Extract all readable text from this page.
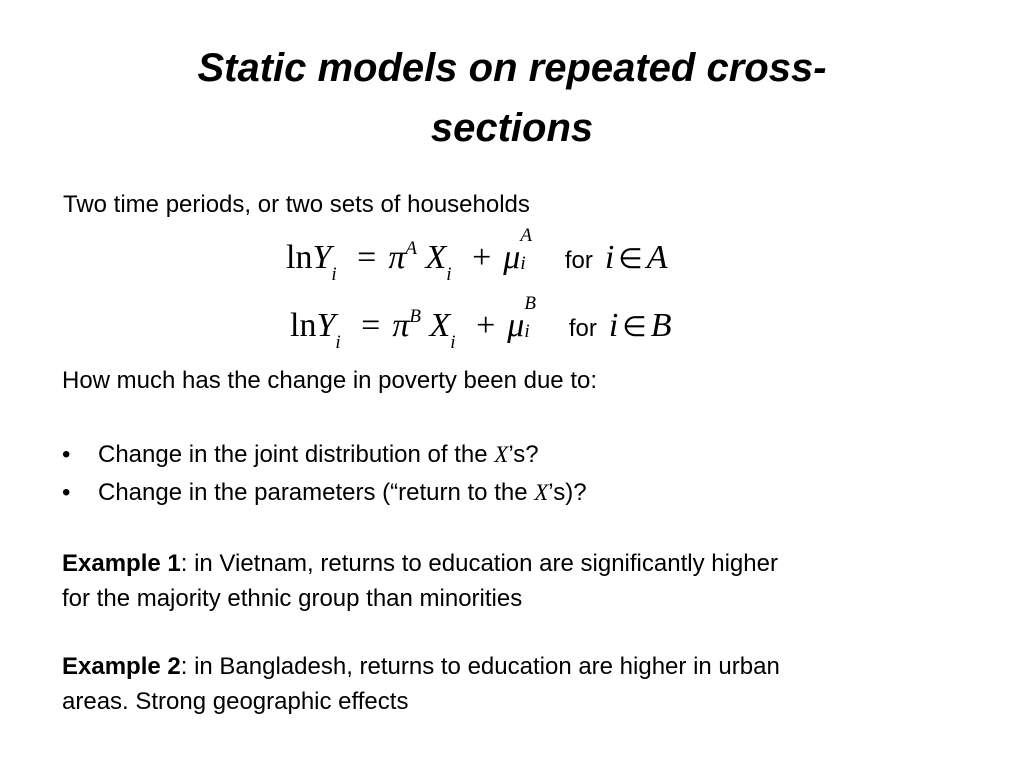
Static models on repeated cross-
sections
Two time periods, or two sets of households
lnYi = πA Xi + μ
A
i for i ∈ A
lnYi = πB Xi + μ
B
i for i ∈ B
How much has the change in poverty been due to:
• Change in the joint distribution of the X’s?
• Change in the parameters (“return to the X’s)?
Example 1: in Vietnam, returns to education are significantly higher
for the majority ethnic group than minorities
Example 2: in Bangladesh, returns to education are higher in urban
areas. Strong geographic effects
